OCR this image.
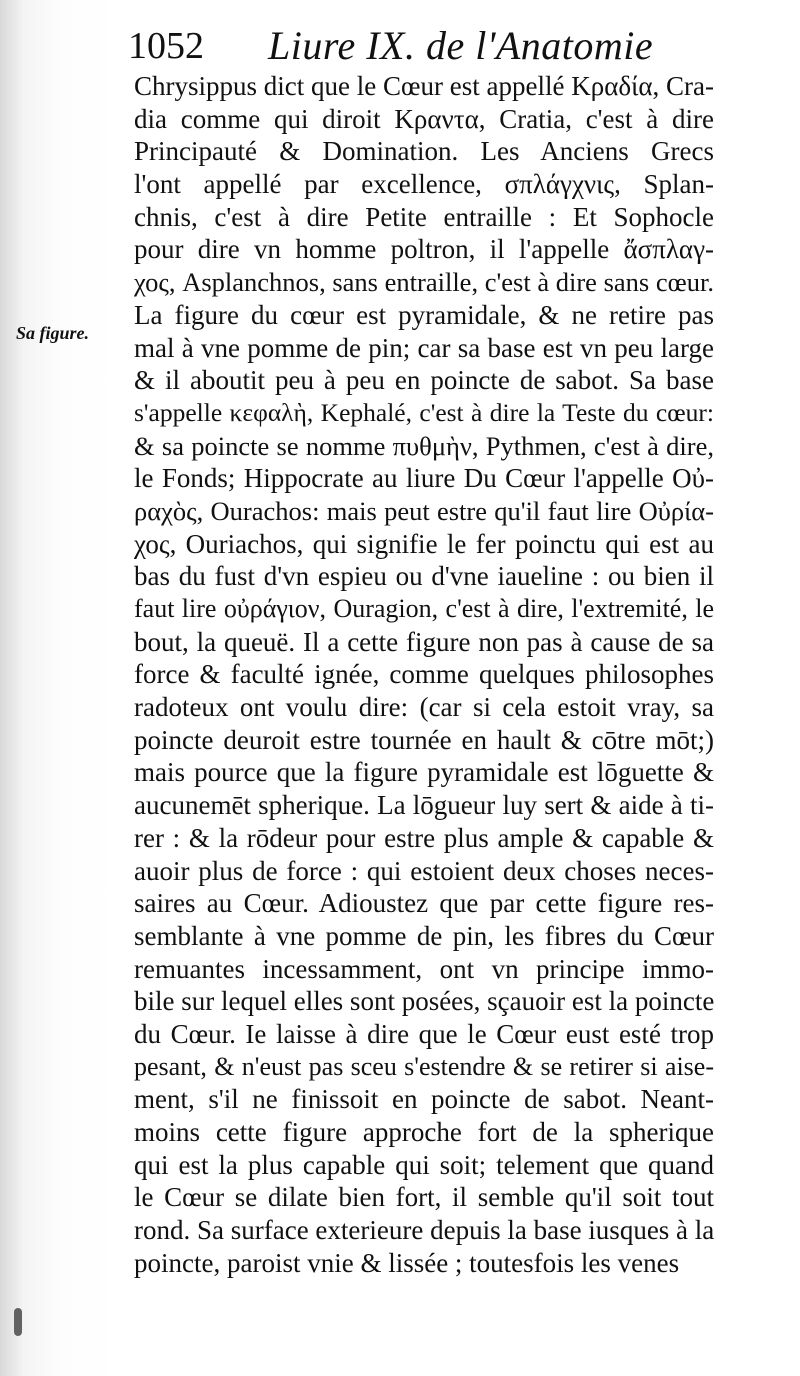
1052 Liure IX. de l'Anatomie
Sa figure.
Chrysippus dict que le Cœur est appellé Κραδία, Cra-
dia comme qui diroit Κραντα, Cratia, c'est à dire
Principauté & Domination. Les Anciens Grecs
l'ont appellé par excellence, σπλάγχνις, Splan-
chnis, c'est à dire Petite entraille : Et Sophocle
pour dire vn homme poltron, il l'appelle ἄσπλαγ-
χος, Asplanchnos, sans entraille, c'est à dire sans cœur.
La figure du cœur est pyramidale, & ne retire pas
mal à vne pomme de pin; car sa base est vn peu large
& il aboutit peu à peu en poincte de sabot. Sa base
s'appelle κεφαλὴ, Kephalé, c'est à dire la Teste du cœur:
& sa poincte se nomme πυθμὴν, Pythmen, c'est à dire,
le Fonds; Hippocrate au liure Du Cœur l'appelle Οὐ-
ραχὸς, Ourachos: mais peut estre qu'il faut lire Οὐρία-
χος, Ouriachos, qui signifie le fer poinctu qui est au
bas du fust d'vn espieu ou d'vne iaueline : ou bien il
faut lire οὐράγιον, Ouragion, c'est à dire, l'extremité, le
bout, la queuë. Il a cette figure non pas à cause de sa
force & faculté ignée, comme quelques philosophes
radoteux ont voulu dire: (car si cela estoit vray, sa
poincte deuroit estre tournée en hault & cōtre mōt;)
mais pource que la figure pyramidale est lōguette &
aucunemēt spherique. La lōgueur luy sert & aide à ti-
rer : & la rōdeur pour estre plus ample & capable &
auoir plus de force : qui estoient deux choses neces-
saires au Cœur. Adioustez que par cette figure res-
semblante à vne pomme de pin, les fibres du Cœur
remuantes incessamment, ont vn principe immo-
bile sur lequel elles sont posées, sçauoir est la poincte
du Cœur. Ie laisse à dire que le Cœur eust esté trop
pesant, & n'eust pas sceu s'estendre & se retirer si aise-
ment, s'il ne finissoit en poincte de sabot. Neant-
moins cette figure approche fort de la spherique
qui est la plus capable qui soit; telement que quand
le Cœur se dilate bien fort, il semble qu'il soit tout
rond. Sa surface exterieure depuis la base iusques à la
poincte, paroist vnie & lissée ; toutesfois les venes
